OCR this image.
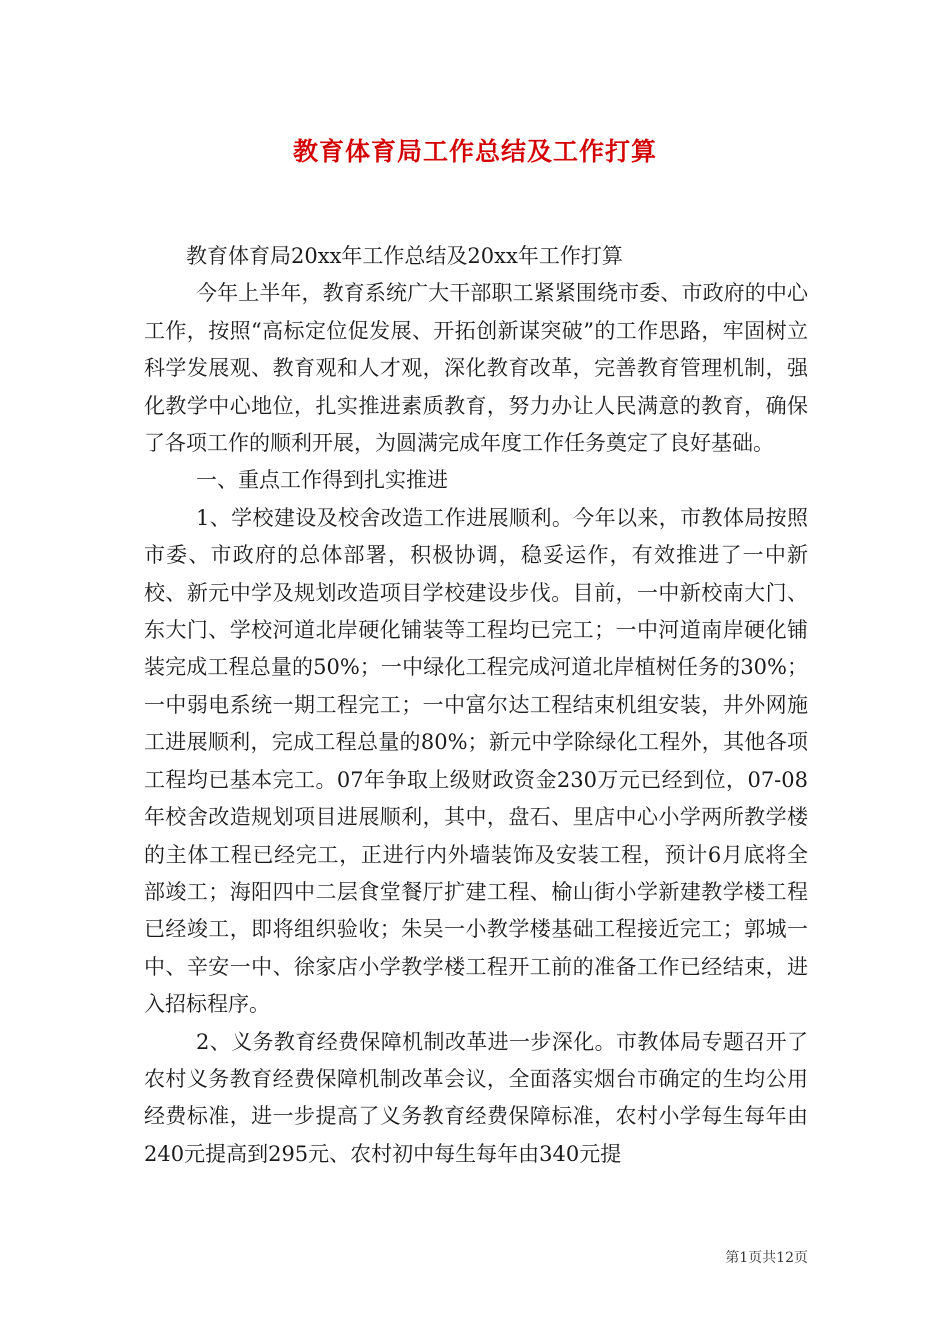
教育体育局工作总结及工作打算

教育体育局20xx年工作总结及20xx年工作打算

今年上半年，教育系统广大干部职工紧紧围绕市委、市政府的中心工作，按照“高标定位促发展、开拓创新谋突破”的工作思路，牢固树立科学发展观、教育观和人才观，深化教育改革，完善教育管理机制，强化教学中心地位，扎实推进素质教育，努力办让人民满意的教育，确保了各项工作的顺利开展，为圆满完成年度工作任务奠定了良好基础。

一、重点工作得到扎实推进

1、学校建设及校舍改造工作进展顺利。今年以来，市教体局按照市委、市政府的总体部署，积极协调，稳妥运作，有效推进了一中新校、新元中学及规划改造项目学校建设步伐。目前，一中新校南大门、东大门、学校河道北岸硬化铺装等工程均已完工；一中河道南岸硬化铺装完成工程总量的50%；一中绿化工程完成河道北岸植树任务的30%；一中弱电系统一期工程完工；一中富尔达工程结束机组安装，井外网施工进展顺利，完成工程总量的80%；新元中学除绿化工程外，其他各项工程均已基本完工。07年争取上级财政资金230万元已经到位，07-08年校舍改造规划项目进展顺利，其中，盘石、里店中心小学两所教学楼的主体工程已经完工，正进行内外墙装饰及安装工程，预计6月底将全部竣工；海阳四中二层食堂餐厅扩建工程、榆山街小学新建教学楼工程已经竣工，即将组织验收；朱吴一小教学楼基础工程接近完工；郭城一中、辛安一中、徐家店小学教学楼工程开工前的准备工作已经结束，进入招标程序。

2、义务教育经费保障机制改革进一步深化。市教体局专题召开了农村义务教育经费保障机制改革会议，全面落实烟台市确定的生均公用经费标准，进一步提高了义务教育经费保障标准，农村小学每生每年由240元提高到295元、农村初中每生每年由340元提

第1页共12页
